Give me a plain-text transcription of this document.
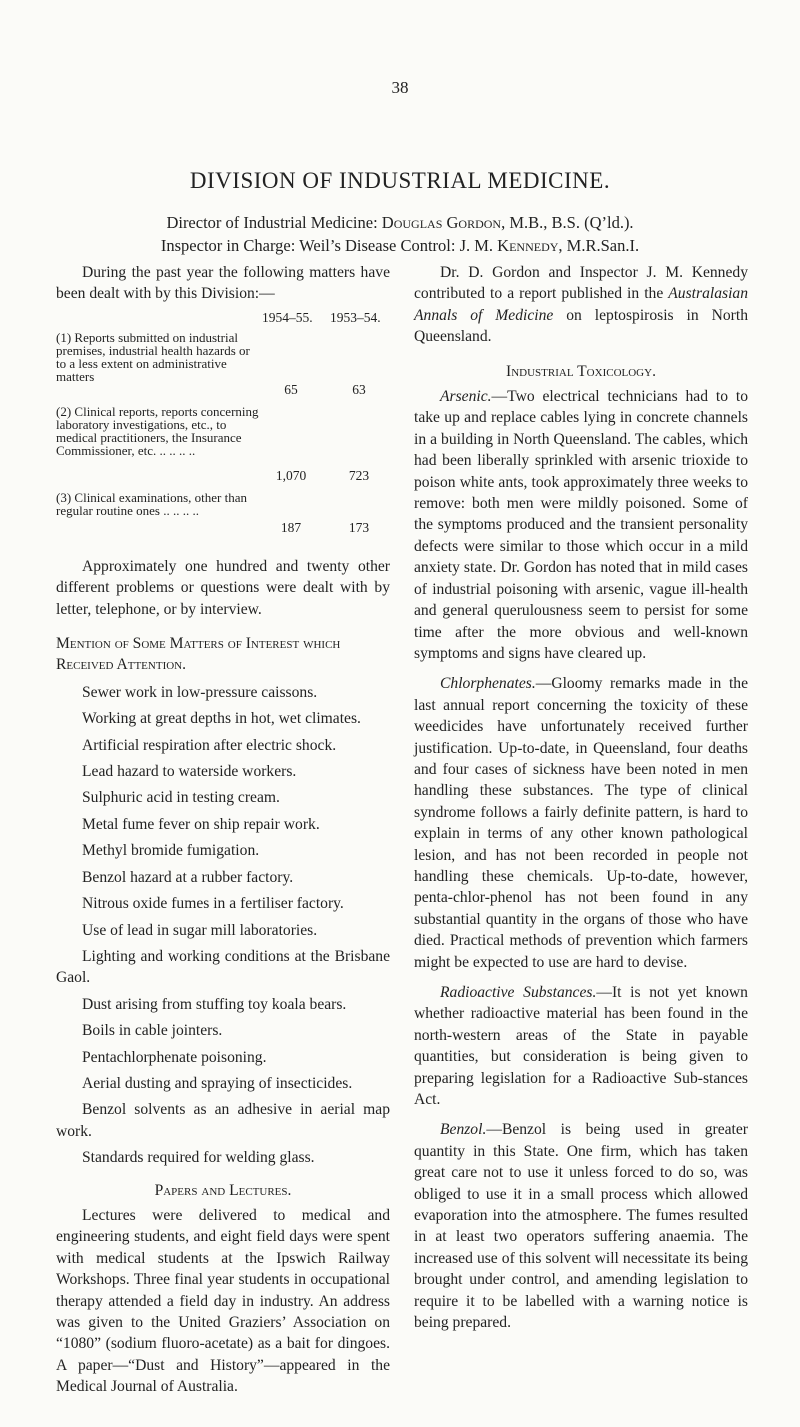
38
DIVISION OF INDUSTRIAL MEDICINE.
Director of Industrial Medicine: Douglas Gordon, M.B., B.S. (Q’ld.).
Inspector in Charge: Weil’s Disease Control: J. M. Kennedy, M.R.San.I.

During the past year the following matters have been dealt with by this Division:—

1954–55. 1953–54.
(1) Reports submitted on industrial premises, industrial health hazards or to a less extent on administrative matters
65	63
(2) Clinical reports, reports concerning laboratory investigations, etc., to medical practitioners, the Insurance Commissioner, etc. .. .. .. ..
1,070	723
(3) Clinical examinations, other than regular routine ones .. .. .. ..
187	173

Approximately one hundred and twenty other different problems or questions were dealt with by letter, telephone, or by interview.

Mention of Some Matters of Interest which Received Attention.

Sewer work in low-pressure caissons.

Working at great depths in hot, wet climates.

Artificial respiration after electric shock.

Lead hazard to waterside workers.

Sulphuric acid in testing cream.

Metal fume fever on ship repair work.

Methyl bromide fumigation.

Benzol hazard at a rubber factory.

Nitrous oxide fumes in a fertiliser factory.

Use of lead in sugar mill laboratories.

Lighting and working conditions at the Brisbane Gaol.

Dust arising from stuffing toy koala bears.

Boils in cable jointers.

Pentachlorphenate poisoning.

Aerial dusting and spraying of insecticides.

Benzol solvents as an adhesive in aerial map work.

Standards required for welding glass.

Papers and Lectures.

Lectures were delivered to medical and engineering students, and eight field days were spent with medical students at the Ipswich Railway Workshops. Three final year students in occupational therapy attended a field day in industry. An address was given to the United Graziers’ Association on “1080” (sodium fluoro-acetate) as a bait for dingoes. A paper—“Dust and History”—appeared in the Medical Journal of Australia.

Dr. D. Gordon and Inspector J. M. Kennedy contributed to a report published in the Australasian Annals of Medicine on leptospirosis in North Queensland.

Industrial Toxicology.

Arsenic.—Two electrical technicians had to to take up and replace cables lying in concrete channels in a building in North Queensland. The cables, which had been liberally sprinkled with arsenic trioxide to poison white ants, took approximately three weeks to remove: both men were mildly poisoned. Some of the symptoms produced and the transient personality defects were similar to those which occur in a mild anxiety state. Dr. Gordon has noted that in mild cases of industrial poisoning with arsenic, vague ill-health and general querulousness seem to persist for some time after the more obvious and well-known symptoms and signs have cleared up.

Chlorphenates.—Gloomy remarks made in the last annual report concerning the toxicity of these weedicides have unfortunately received further justification. Up-to-date, in Queensland, four deaths and four cases of sickness have been noted in men handling these substances. The type of clinical syndrome follows a fairly definite pattern, is hard to explain in terms of any other known pathological lesion, and has not been recorded in people not handling these chemicals. Up-to-date, however, penta-chlor-phenol has not been found in any substantial quantity in the organs of those who have died. Practical methods of prevention which farmers might be expected to use are hard to devise.

Radioactive Substances.—It is not yet known whether radioactive material has been found in the north-western areas of the State in payable quantities, but consideration is being given to preparing legislation for a Radioactive Sub-stances Act.

Benzol.—Benzol is being used in greater quantity in this State. One firm, which has taken great care not to use it unless forced to do so, was obliged to use it in a small process which allowed evaporation into the atmosphere. The fumes resulted in at least two operators suffering anaemia. The increased use of this solvent will necessitate its being brought under control, and amending legislation to require it to be labelled with a warning notice is being prepared.
